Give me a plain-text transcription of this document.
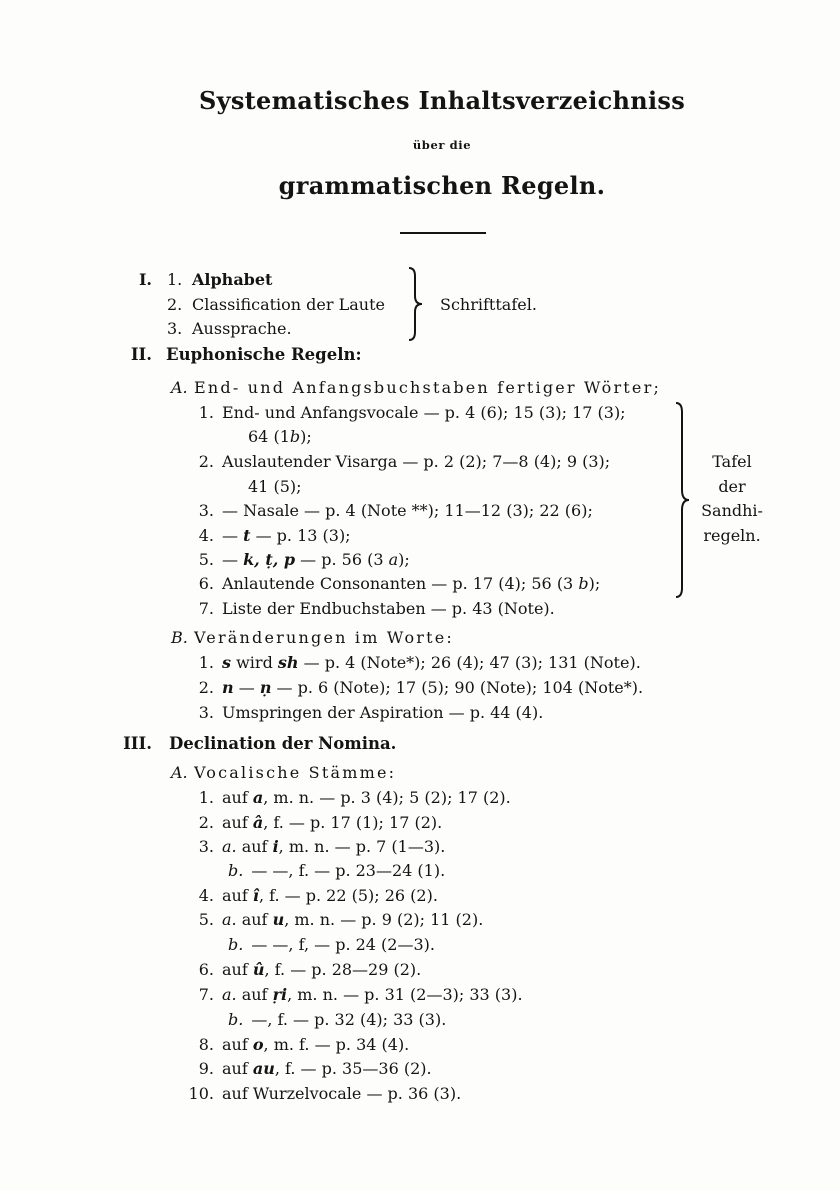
Systematisches Inhaltsverzeichniss
über die
grammatischen Regeln.
I. 1. Alphabet
2. Classification der Laute
3. Aussprache.
Schrifttafel.
II. Euphonische Regeln:
A. End- und Anfangsbuchstaben fertiger Wörter;
1. End- und Anfangsvocale — p. 4 (6); 15 (3); 17 (3);
64 (1b);
2. Auslautender Visarga — p. 2 (2); 7—8 (4); 9 (3);
41 (5);
3. — Nasale — p. 4 (Note **); 11—12 (3); 22 (6);
4. — t — p. 13 (3);
5. — k, ṭ, p — p. 56 (3 a);
6. Anlautende Consonanten — p. 17 (4); 56 (3 b);
7. Liste der Endbuchstaben — p. 43 (Note).
Tafel
der
Sandhi-
regeln.
B. Veränderungen im Worte:
1. s wird sh — p. 4 (Note*); 26 (4); 47 (3); 131 (Note).
2. n — ṇ — p. 6 (Note); 17 (5); 90 (Note); 104 (Note*).
3. Umspringen der Aspiration — p. 44 (4).
III. Declination der Nomina.
A. Vocalische Stämme:
1. auf a, m. n. — p. 3 (4); 5 (2); 17 (2).
2. auf â, f. — p. 17 (1); 17 (2).
3. a. auf i, m. n. — p. 7 (1—3).
b. — —, f. — p. 23—24 (1).
4. auf î, f. — p. 22 (5); 26 (2).
5. a. auf u, m. n. — p. 9 (2); 11 (2).
b. — —, f, — p. 24 (2—3).
6. auf û, f. — p. 28—29 (2).
7. a. auf ṛi, m. n. — p. 31 (2—3); 33 (3).
b. —, f. — p. 32 (4); 33 (3).
8. auf o, m. f. — p. 34 (4).
9. auf au, f. — p. 35—36 (2).
10. auf Wurzelvocale — p. 36 (3).
